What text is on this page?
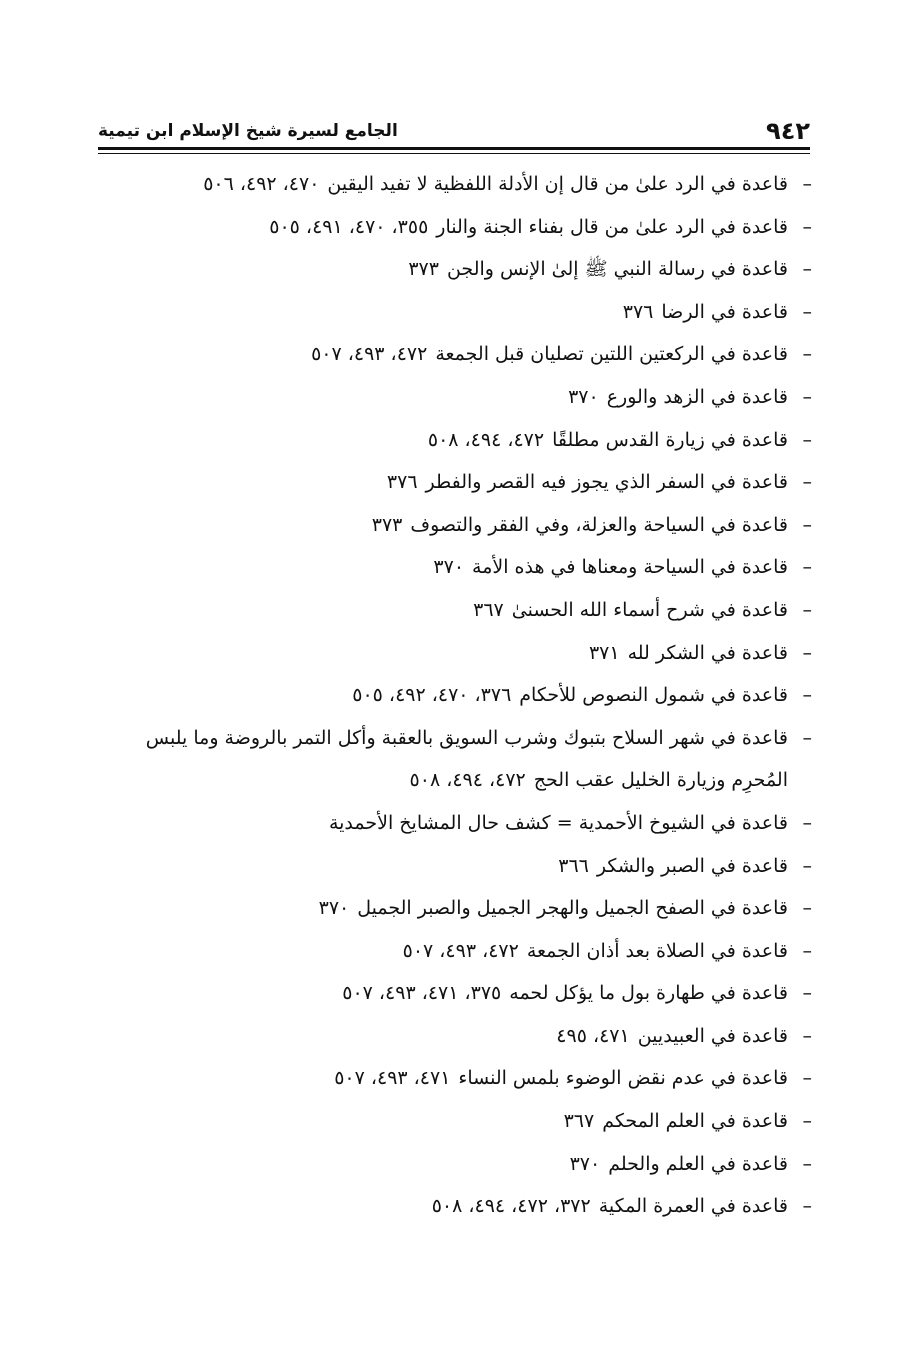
٩٤٢
الجامع لسيرة شيخ الإسلام ابن تيمية
–
قاعدة في الرد علىٰ من قال إن الأدلة اللفظية لا تفيد اليقين٤٧٠، ٤٩٢، ٥٠٦
–
قاعدة في الرد علىٰ من قال بفناء الجنة والنار٣٥٥، ٤٧٠، ٤٩١، ٥٠٥
–
قاعدة في رسالة النبي ﷺ إلىٰ الإنس والجن٣٧٣
–
قاعدة في الرضا٣٧٦
–
قاعدة في الركعتين اللتين تصليان قبل الجمعة٤٧٢، ٤٩٣، ٥٠٧
–
قاعدة في الزهد والورع٣٧٠
–
قاعدة في زيارة القدس مطلقًا٤٧٢، ٤٩٤، ٥٠٨
–
قاعدة في السفر الذي يجوز فيه القصر والفطر٣٧٦
–
قاعدة في السياحة والعزلة، وفي الفقر والتصوف٣٧٣
–
قاعدة في السياحة ومعناها في هذه الأمة٣٧٠
–
قاعدة في شرح أسماء الله الحسنىٰ٣٦٧
–
قاعدة في الشكر لله٣٧١
–
قاعدة في شمول النصوص للأحكام٣٧٦، ٤٧٠، ٤٩٢، ٥٠٥
–
قاعدة في شهر السلاح بتبوك وشرب السويق بالعقبة وأكل التمر بالروضة وما يلبس المُحرِم وزيارة الخليل عقب الحج٤٧٢، ٤٩٤، ٥٠٨
–
قاعدة في الشيوخ الأحمدية = كشف حال المشايخ الأحمدية
–
قاعدة في الصبر والشكر٣٦٦
–
قاعدة في الصفح الجميل والهجر الجميل والصبر الجميل٣٧٠
–
قاعدة في الصلاة بعد أذان الجمعة٤٧٢، ٤٩٣، ٥٠٧
–
قاعدة في طهارة بول ما يؤكل لحمه٣٧٥، ٤٧١، ٤٩٣، ٥٠٧
–
قاعدة في العبيديين٤٧١، ٤٩٥
–
قاعدة في عدم نقض الوضوء بلمس النساء٤٧١، ٤٩٣، ٥٠٧
–
قاعدة في العلم المحكم٣٦٧
–
قاعدة في العلم والحلم٣٧٠
–
قاعدة في العمرة المكية٣٧٢، ٤٧٢، ٤٩٤، ٥٠٨
